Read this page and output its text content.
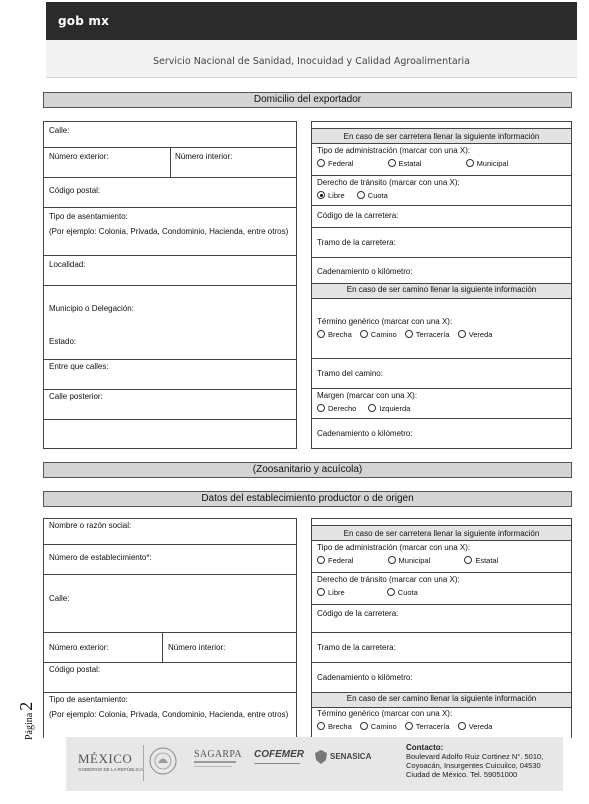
gob mx
Servicio Nacional de Sanidad, Inocuidad y Calidad Agroalimentaria
Domicilio del exportador
Calle:
Número exterior:	Número interior:
Código postal:
Tipo de asentamiento:
(Por ejemplo: Colonia, Privada, Condominio, Hacienda, entre otros)
Localidad:
Municipio o Delegación:
Estado:
Entre que calles:
Calle posterior:
En caso de ser carretera llenar la siguiente información
Tipo de administración (marcar con una X):
Federal	Estatal	Municipal
Derecho de tránsito (marcar con una X):
Libre	Cuota
Código de la carretera:
Tramo de la carretera:
Cadenamiento o kilómetro:
En caso de ser camino llenar la siguiente información
Término genérico (marcar con una X):
Brecha	Camino	Terracería	Vereda
Tramo del camino:
Margen (marcar con una X):
Derecho	Izquierda
Cadenamiento o kilómetro:
(Zoosanitario y acuícola)
Datos del establecimiento productor o de origen
Nombre o razón social:
Número de establecimiento*:
Calle:
Número exterior:	Número interior:
Código postal:
Tipo de asentamiento:
(Por ejemplo: Colonia, Privada, Condominio, Hacienda, entre otros)
En caso de ser carretera llenar la siguiente información
Tipo de administración (marcar con una X):
Federal	Municipal	Estatal
Derecho de tránsito (marcar con una X):
Libre	Cuota
Código de la carretera:
Tramo de la carretera:
Cadenamiento o kilómetro:
En caso de ser camino llenar la siguiente información
Término genérico (marcar con una X):
Brecha	Camino	Terracería	Vereda
Página 2
MÉXICO
GOBIERNO DE LA REPÚBLICA
SAGARPA COFEMER	SENASICA
Contacto:
Boulevard Adolfo Ruiz Cortinez N°. 5010,
Coyoacán, Insurgentes Cuicuilco, 04530
Ciudad de México. Tel. 59051000
